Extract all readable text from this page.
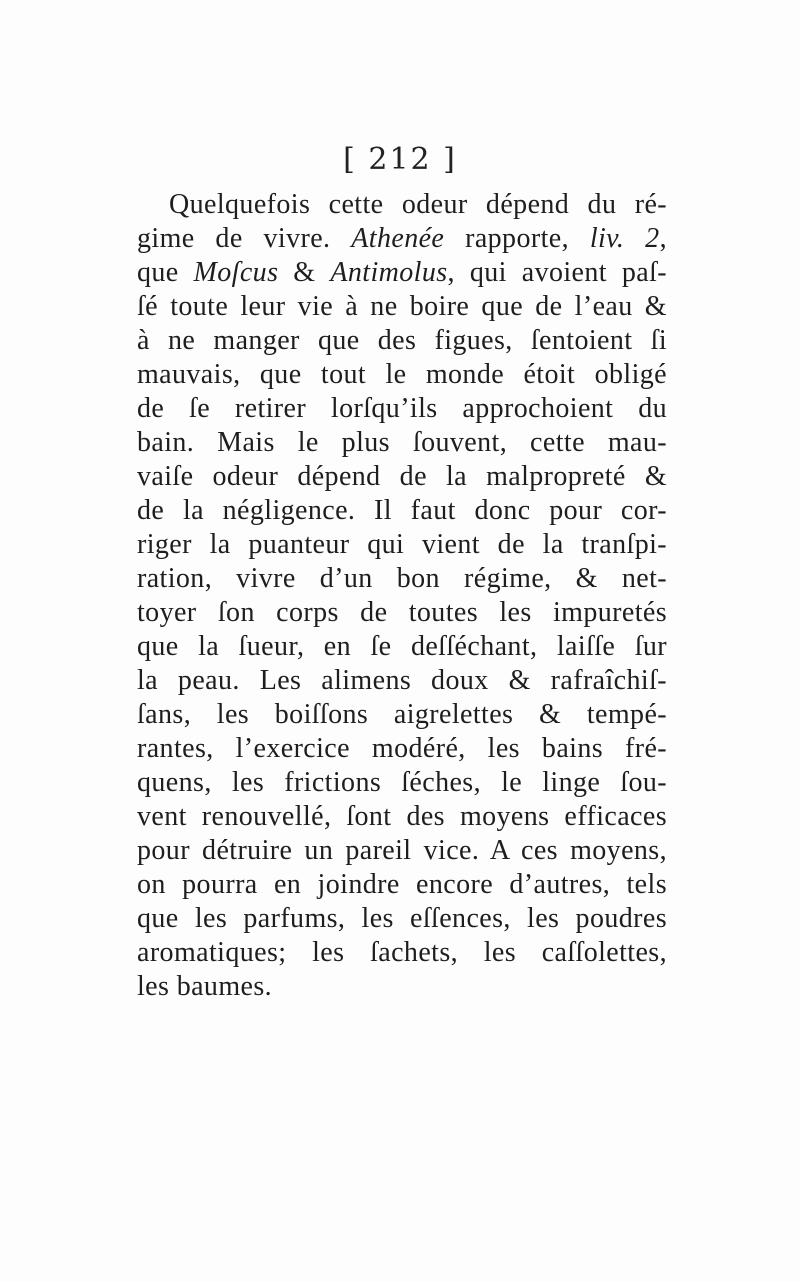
[ 212 ]
Quelquefois cette odeur dépend du ré-
gime de vivre. Athenée rapporte, liv. 2,
que Moſcus & Antimolus, qui avoient paſ-
ſé toute leur vie à ne boire que de l’eau &
à ne manger que des figues, ſentoient ſi
mauvais, que tout le monde étoit obligé
de ſe retirer lorſqu’ils approchoient du
bain. Mais le plus ſouvent, cette mau-
vaiſe odeur dépend de la malpropreté &
de la négligence. Il faut donc pour cor-
riger la puanteur qui vient de la tranſpi-
ration, vivre d’un bon régime, & net-
toyer ſon corps de toutes les impuretés
que la ſueur, en ſe deſſéchant, laiſſe ſur
la peau. Les alimens doux & rafraîchiſ-
ſans, les boiſſons aigrelettes & tempé-
rantes, l’exercice modéré, les bains fré-
quens, les frictions ſéches, le linge ſou-
vent renouvellé, ſont des moyens efficaces
pour détruire un pareil vice. A ces moyens,
on pourra en joindre encore d’autres, tels
que les parfums, les eſſences, les poudres
aromatiques; les ſachets, les caſſolettes,
les baumes.
